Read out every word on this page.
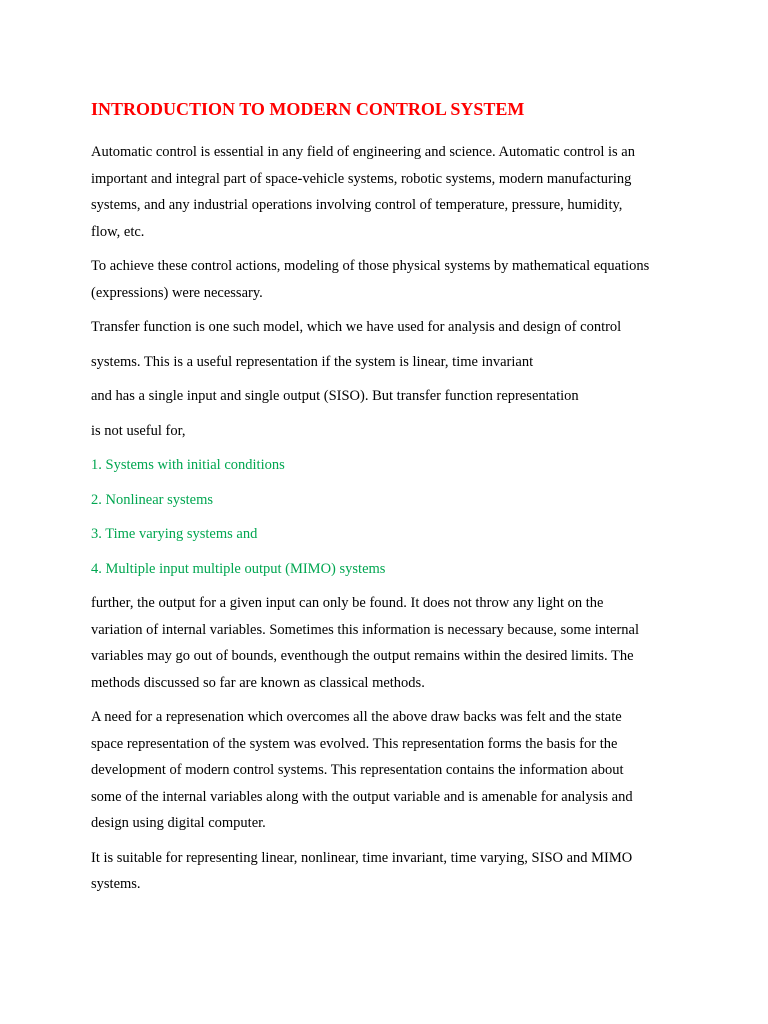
INTRODUCTION TO MODERN CONTROL SYSTEM
Automatic control is essential in any field of engineering and science. Automatic control is an
important and integral part of space-vehicle systems, robotic systems, modern manufacturing
systems, and any industrial operations involving control of temperature, pressure, humidity,
flow, etc.
To achieve these control actions, modeling of those physical systems by mathematical equations
(expressions) were necessary.
Transfer function is one such model, which we have used for analysis and design of control
systems. This is a useful representation if the system is linear, time invariant
and has a single input and single output (SISO). But transfer function representation
is not useful for,
1. Systems with initial conditions
2. Nonlinear systems
3. Time varying systems and
4. Multiple input multiple output (MIMO) systems
further, the output for a given input can only be found. It does not throw any light on the
variation of internal variables. Sometimes this information is necessary because, some internal
variables may go out of bounds, eventhough the output remains within the desired limits. The
methods discussed so far are known as classical methods.
A need for a represenation which overcomes all the above draw backs was felt and the state
space representation of the system was evolved. This representation forms the basis for the
development of modern control systems. This representation contains the information about
some of the internal variables along with the output variable and is amenable for analysis and
design using digital computer.
It is suitable for representing linear, nonlinear, time invariant, time varying, SISO and MIMO
systems.
